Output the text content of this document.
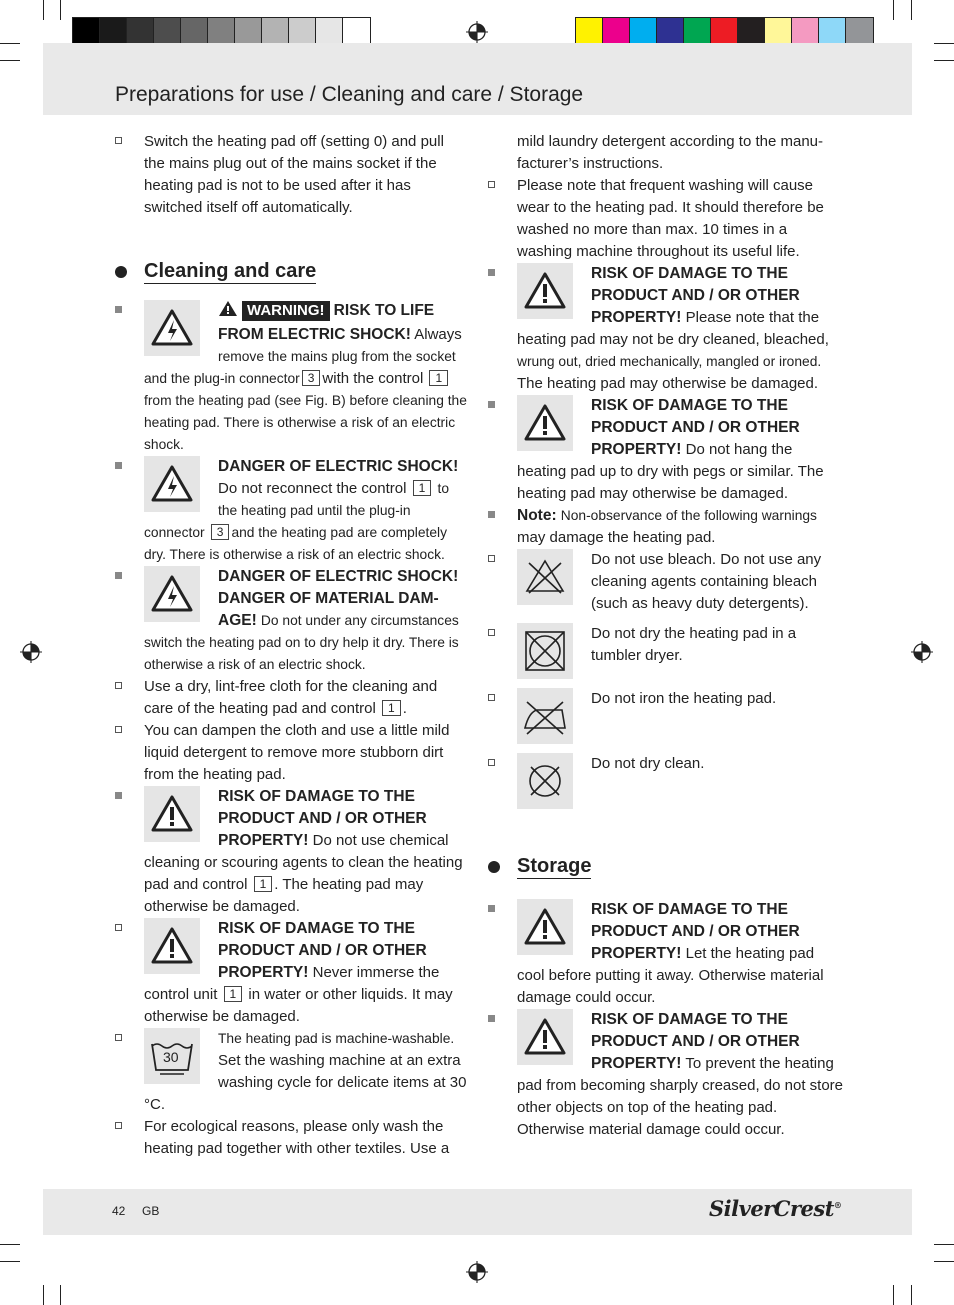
Preparations for use / Cleaning and care / Storage
Switch the heating pad off (setting 0) and pull the mains plug out of the mains socket if the heating pad is not to be used after it has switched itself off automatically.
Cleaning and care
WARNING! RISK TO LIFE FROM ELECTRIC SHOCK! Always remove the mains plug from the socket and the plug-in connector 3 with the control 1 from the heating pad (see Fig. B) before cleaning the heating pad. There is otherwise a risk of an electric shock.
DANGER OF ELECTRIC SHOCK! Do not reconnect the control 1 to the heating pad until the plug-in connector 3 and the heating pad are completely dry. There is otherwise a risk of an electric shock.
DANGER OF ELECTRIC SHOCK! DANGER OF MATERIAL DAM-AGE! Do not under any circumstances switch the heating pad on to dry help it dry. There is otherwise a risk of an electric shock.
Use a dry, lint-free cloth for the cleaning and care of the heating pad and control 1 .
You can dampen the cloth and use a little mild liquid detergent to remove more stubborn dirt from the heating pad.
RISK OF DAMAGE TO THE PRODUCT AND / OR OTHER PROPERTY! Do not use chemical cleaning or scouring agents to clean the heating pad and control 1 . The heating pad may otherwise be damaged.
RISK OF DAMAGE TO THE PRODUCT AND / OR OTHER PROPERTY! Never immerse the control unit 1 in water or other liquids. It may otherwise be damaged.
30
The heating pad is machine-washable. Set the washing machine at an extra washing cycle for delicate items at 30 °C.
For ecological reasons, please only wash the heating pad together with other textiles. Use a
mild laundry detergent according to the manu-facturer’s instructions.
Please note that frequent washing will cause wear to the heating pad. It should therefore be washed no more than max. 10 times in a washing machine throughout its useful life.
RISK OF DAMAGE TO THE PRODUCT AND / OR OTHER PROPERTY! Please note that the heating pad may not be dry cleaned, bleached, wrung out, dried mechanically, mangled or ironed. The heating pad may otherwise be damaged.
RISK OF DAMAGE TO THE PRODUCT AND / OR OTHER PROPERTY! Do not hang the heating pad up to dry with pegs or similar. The heating pad may otherwise be damaged.
Note: Non-observance of the following warnings may damage the heating pad.
Do not use bleach. Do not use any cleaning agents containing bleach (such as heavy duty detergents).
Do not dry the heating pad in a tumbler dryer.
Do not iron the heating pad.
Do not dry clean.
Storage
RISK OF DAMAGE TO THE PRODUCT AND / OR OTHER PROPERTY! Let the heating pad cool before putting it away. Otherwise material damage could occur.
RISK OF DAMAGE TO THE PRODUCT AND / OR OTHER PROPERTY! To prevent the heating pad from becoming sharply creased, do not store other objects on top of the heating pad. Otherwise material damage could occur.
42 GB	SilverCrest®
